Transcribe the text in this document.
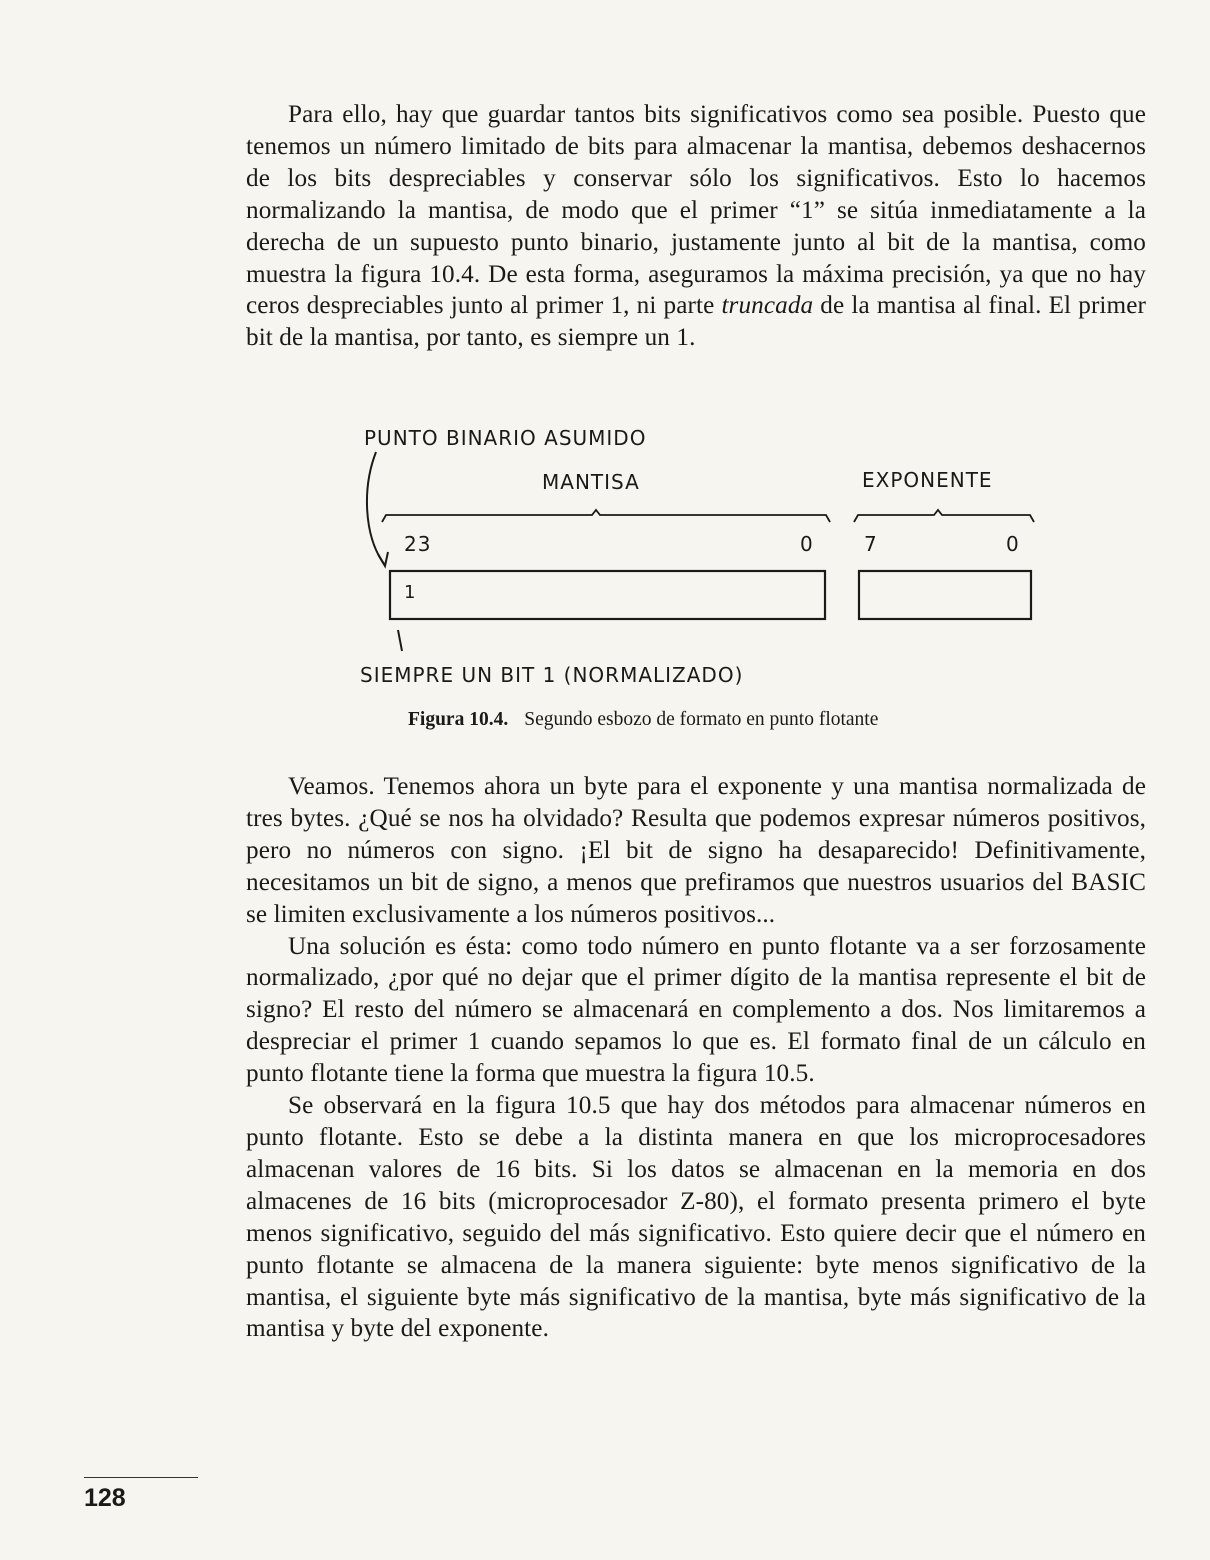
Para ello, hay que guardar tantos bits significativos como sea posible. Puesto que tenemos un número limitado de bits para almacenar la mantisa, debemos deshacernos de los bits despreciables y conservar sólo los significativos. Esto lo hacemos normalizando la mantisa, de modo que el primer “1” se sitúa inmediatamente a la derecha de un supuesto punto binario, justamente junto al bit de la mantisa, como muestra la figura 10.4. De esta forma, aseguramos la máxima precisión, ya que no hay ceros despreciables junto al primer 1, ni parte truncada de la mantisa al final. El primer bit de la mantisa, por tanto, es siempre un 1.

PUNTO BINARIO ASUMIDO
MANTISA	EXPONENTE
23	0	7	0
1
SIEMPRE UN BIT 1 (NORMALIZADO)
Figura 10.4. Segundo esbozo de formato en punto flotante

Veamos. Tenemos ahora un byte para el exponente y una mantisa normalizada de tres bytes. ¿Qué se nos ha olvidado? Resulta que podemos expresar números positivos, pero no números con signo. ¡El bit de signo ha desaparecido! Definitivamente, necesitamos un bit de signo, a menos que prefiramos que nuestros usuarios del BASIC se limiten exclusivamente a los números positivos...

Una solución es ésta: como todo número en punto flotante va a ser forzosamente normalizado, ¿por qué no dejar que el primer dígito de la mantisa represente el bit de signo? El resto del número se almacenará en complemento a dos. Nos limitaremos a despreciar el primer 1 cuando sepamos lo que es. El formato final de un cálculo en punto flotante tiene la forma que muestra la figura 10.5.

Se observará en la figura 10.5 que hay dos métodos para almacenar números en punto flotante. Esto se debe a la distinta manera en que los microprocesadores almacenan valores de 16 bits. Si los datos se almacenan en la memoria en dos almacenes de 16 bits (microprocesador Z-80), el formato presenta primero el byte menos significativo, seguido del más significativo. Esto quiere decir que el número en punto flotante se almacena de la manera siguiente: byte menos significativo de la mantisa, el siguiente byte más significativo de la mantisa, byte más significativo de la mantisa y byte del exponente.

128
